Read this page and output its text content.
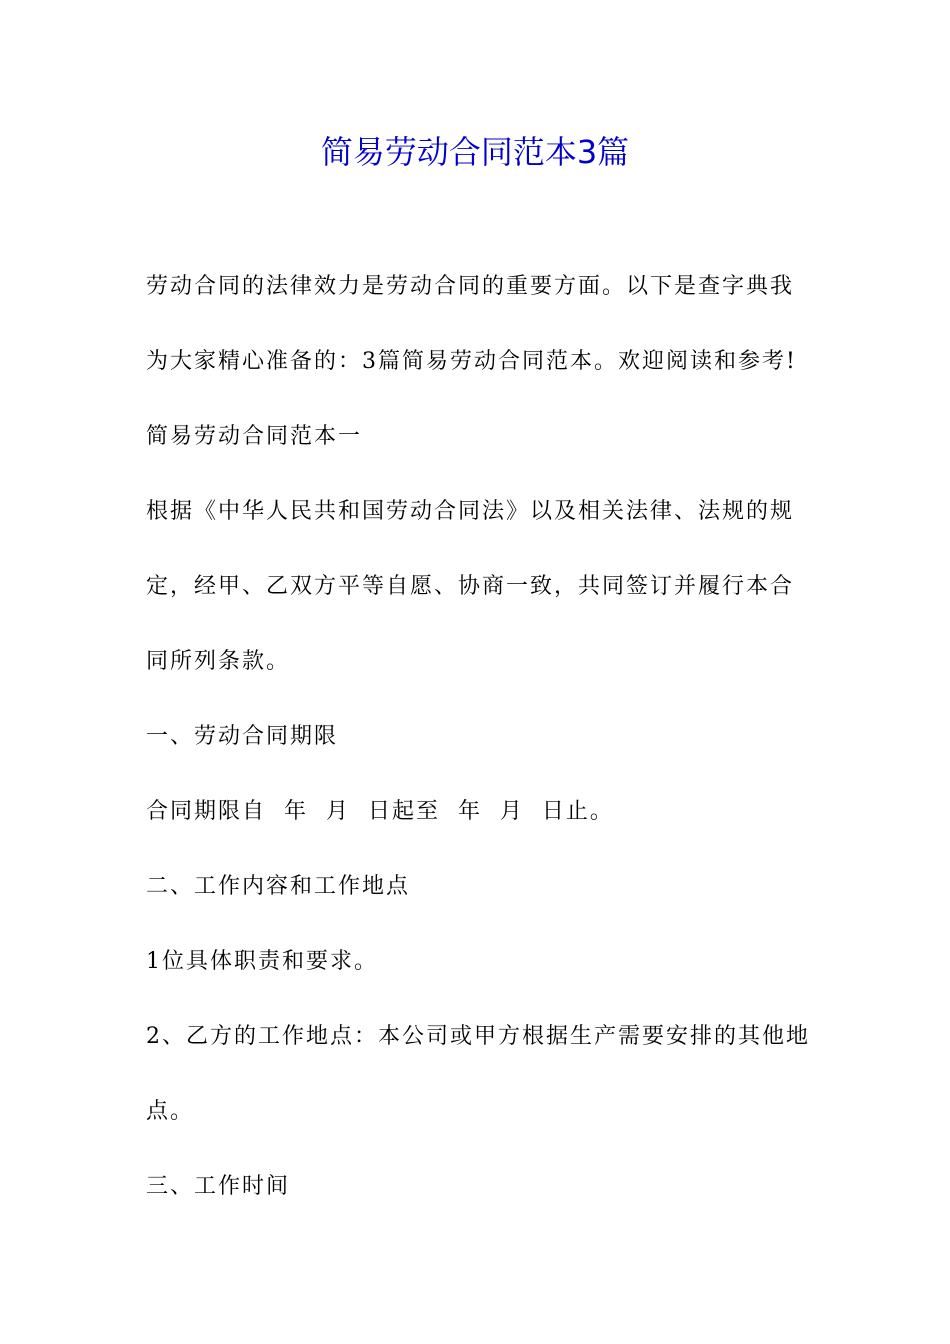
简易劳动合同范本3篇

劳动合同的法律效力是劳动合同的重要方面。以下是查字典我

为大家精心准备的：3篇简易劳动合同范本。欢迎阅读和参考!

简易劳动合同范本一

根据《中华人民共和国劳动合同法》以及相关法律、法规的规

定，经甲、乙双方平等自愿、协商一致，共同签订并履行本合

同所列条款。

一、劳动合同期限

合同期限自  年  月  日起至  年  月  日止。

二、工作内容和工作地点

1位具体职责和要求。

2、乙方的工作地点：本公司或甲方根据生产需要安排的其他地

点。

三、工作时间
